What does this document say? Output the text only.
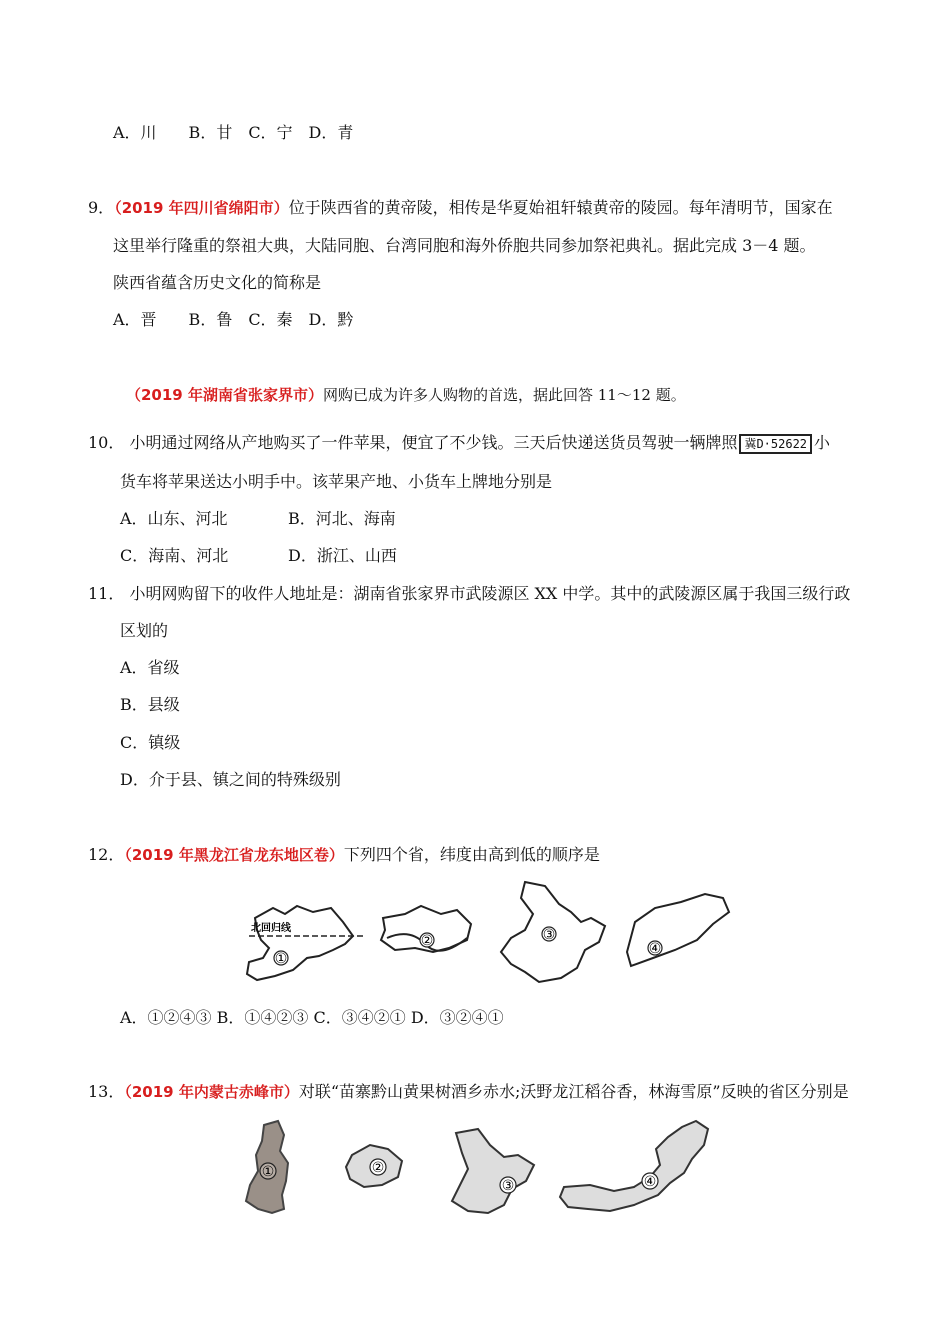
A．川　　B．甘　C．宁　D．青
9．（2019 年四川省绵阳市）位于陕西省的黄帝陵，相传是华夏始祖轩辕黄帝的陵园。每年清明节，国家在
这里举行隆重的祭祖大典，大陆同胞、台湾同胞和海外侨胞共同参加祭祀典礼。据此完成 3－4 题。
陕西省蕴含历史文化的简称是
A．晋　　B．鲁　C．秦　D．黔
（2019 年湖南省张家界市）网购已成为许多人购物的首选，据此回答 11～12 题。
10． 小明通过网络从产地购买了一件苹果，便宜了不少钱。三天后快递送货员驾驶一辆牌照 冀D·52622 小
货车将苹果送达小明手中。该苹果产地、小货车上牌地分别是
A．山东、河北	B．河北、海南
C．海南、河北	D．浙江、山西
11． 小明网购留下的收件人地址是：湖南省张家界市武陵源区 XX 中学。其中的武陵源区属于我国三级行政
区划的
A．省级
B．县级
C．镇级
D．介于县、镇之间的特殊级别
12．（2019 年黑龙江省龙东地区卷）下列四个省，纬度由高到低的顺序是
北回归线
①
②	③
④
A．①②④③ B．①④②③ C．③④②① D．③②④①
13．（2019 年内蒙古赤峰市）对联“苗寨黔山黄果树酒乡赤水;沃野龙江稻谷香，林海雪原”反映的省区分别是
①	②
③	④
